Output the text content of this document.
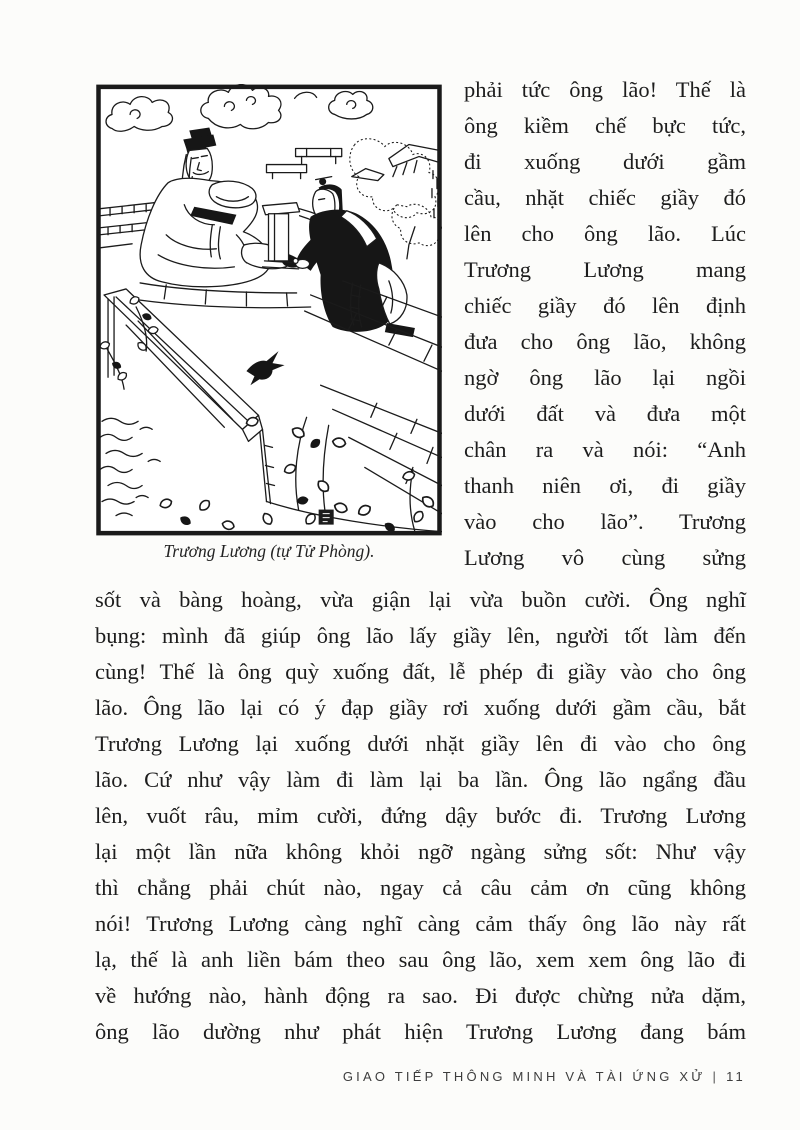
Trương Lương (tự Tử Phòng).
phải tức ông lão! Thế là
ông kiềm chế bực tức,
đi xuống dưới gầm
cầu, nhặt chiếc giầy đó
lên cho ông lão. Lúc
Trương Lương mang
chiếc giầy đó lên định
đưa cho ông lão, không
ngờ ông lão lại ngồi
dưới đất và đưa một
chân ra và nói: “Anh
thanh niên ơi, đi giầy
vào cho lão”. Trương
Lương vô cùng sửng
sốt và bàng hoàng, vừa giận lại vừa buồn cười. Ông nghĩ
bụng: mình đã giúp ông lão lấy giầy lên, người tốt làm đến
cùng! Thế là ông quỳ xuống đất, lễ phép đi giầy vào cho ông
lão. Ông lão lại có ý đạp giầy rơi xuống dưới gầm cầu, bắt
Trương Lương lại xuống dưới nhặt giầy lên đi vào cho ông
lão. Cứ như vậy làm đi làm lại ba lần. Ông lão ngẩng đầu
lên, vuốt râu, mỉm cười, đứng dậy bước đi. Trương Lương
lại một lần nữa không khỏi ngỡ ngàng sửng sốt: Như vậy
thì chẳng phải chút nào, ngay cả câu cảm ơn cũng không
nói! Trương Lương càng nghĩ càng cảm thấy ông lão này rất
lạ, thế là anh liền bám theo sau ông lão, xem xem ông lão đi
về hướng nào, hành động ra sao. Đi được chừng nửa dặm,
ông lão dường như phát hiện Trương Lương đang bám
GIAO TIẾP THÔNG MINH VÀ TÀI ỨNG XỬ | 11
